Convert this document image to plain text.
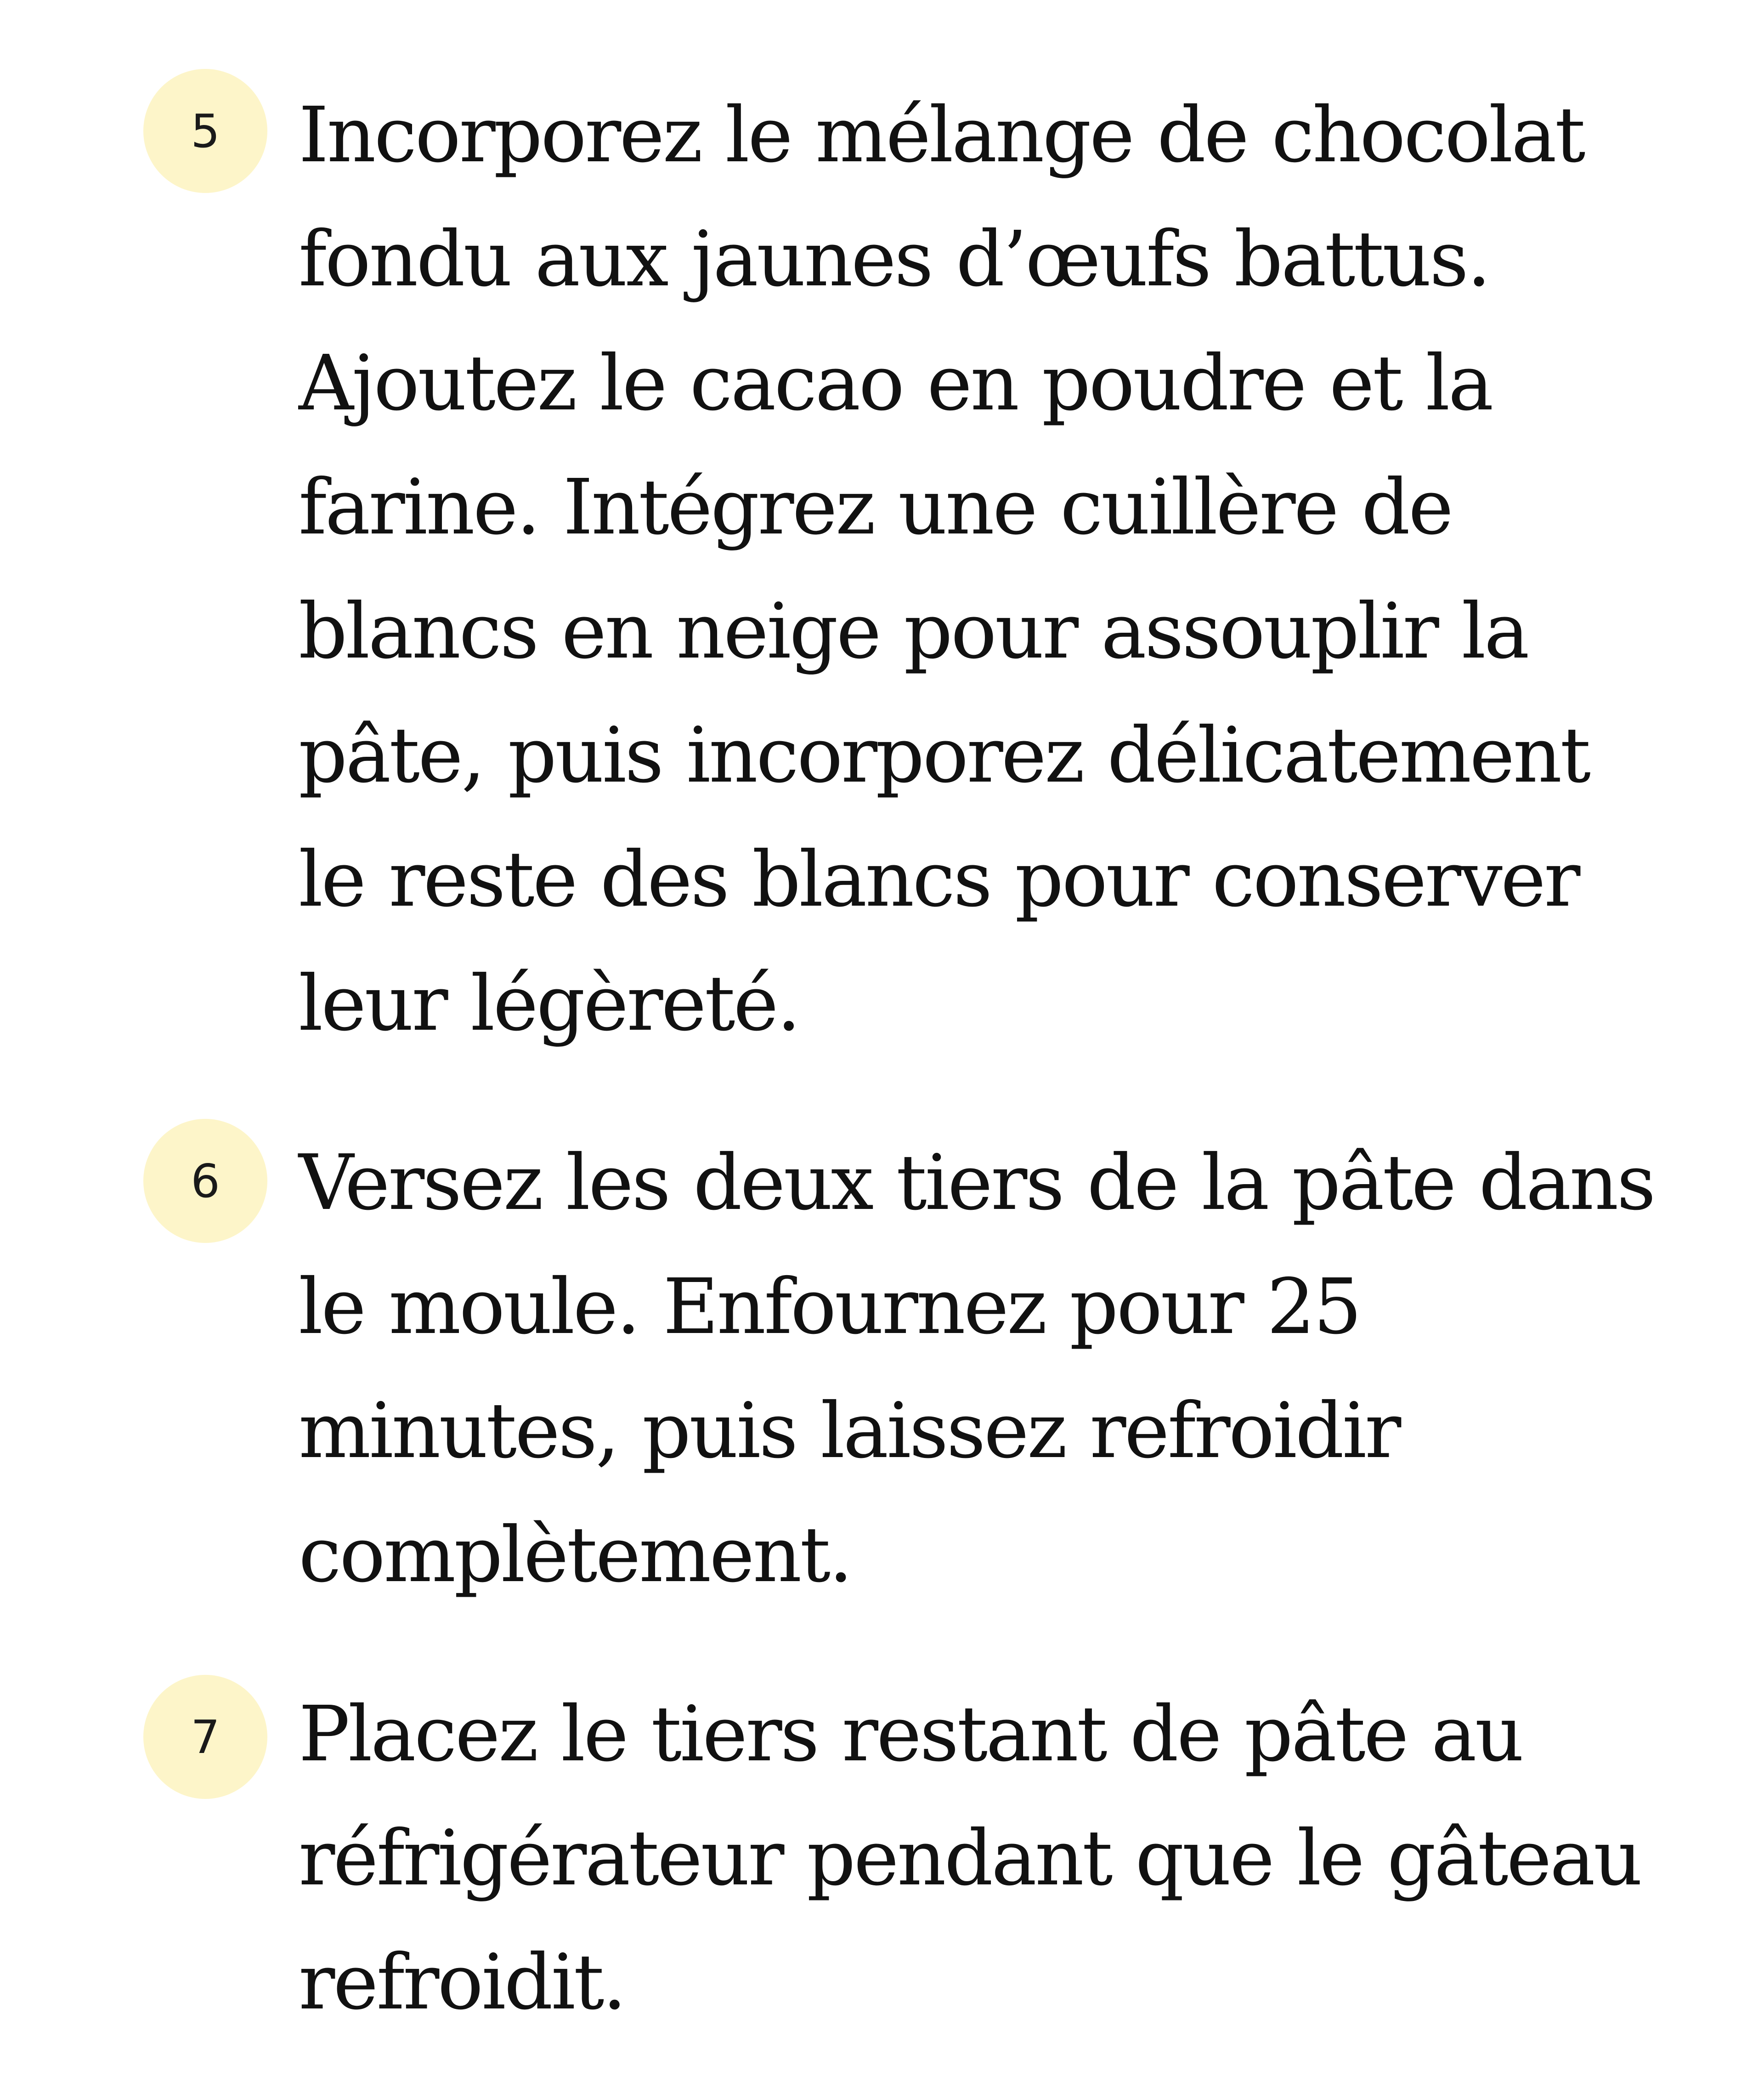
5	Incorporez le mélange de chocolat
fondu aux jaunes d’œufs battus.
Ajoutez le cacao en poudre et la
farine. Intégrez une cuillère de
blancs en neige pour assouplir la
pâte, puis incorporez délicatement
le reste des blancs pour conserver
leur légèreté.

6	Versez les deux tiers de la pâte dans
le moule. Enfournez pour 25
minutes, puis laissez refroidir
complètement.

7	Placez le tiers restant de pâte au
réfrigérateur pendant que le gâteau
refroidit.
